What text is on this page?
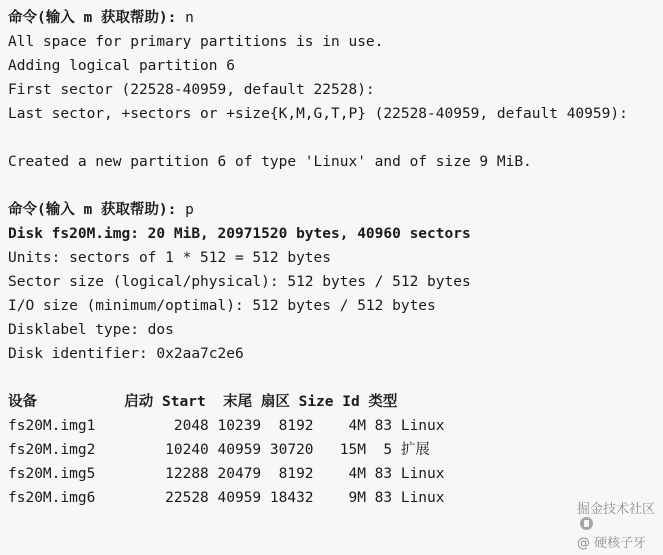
命令(输入 m 获取帮助): n
All space for primary partitions is in use.
Adding logical partition 6
First sector (22528-40959, default 22528):
Last sector, +sectors or +size{K,M,G,T,P} (22528-40959, default 40959):
Created a new partition 6 of type 'Linux' and of size 9 MiB.
命令(输入 m 获取帮助): p
Disk fs20M.img: 20 MiB, 20971520 bytes, 40960 sectors
Units: sectors of 1 * 512 = 512 bytes
Sector size (logical/physical): 512 bytes / 512 bytes
I/O size (minimum/optimal): 512 bytes / 512 bytes
Disklabel type: dos
Disk identifier: 0x2aa7c2e6
设备          启动 Start  末尾 扇区 Size Id 类型
fs20M.img1         2048 10239  8192    4M 83 Linux
fs20M.img2        10240 40959 30720   15M  5 扩展
fs20M.img5        12288 20479  8192    4M 83 Linux
fs20M.img6        22528 40959 18432    9M 83 Linux

掘金技术社区

@ 硬核子牙
